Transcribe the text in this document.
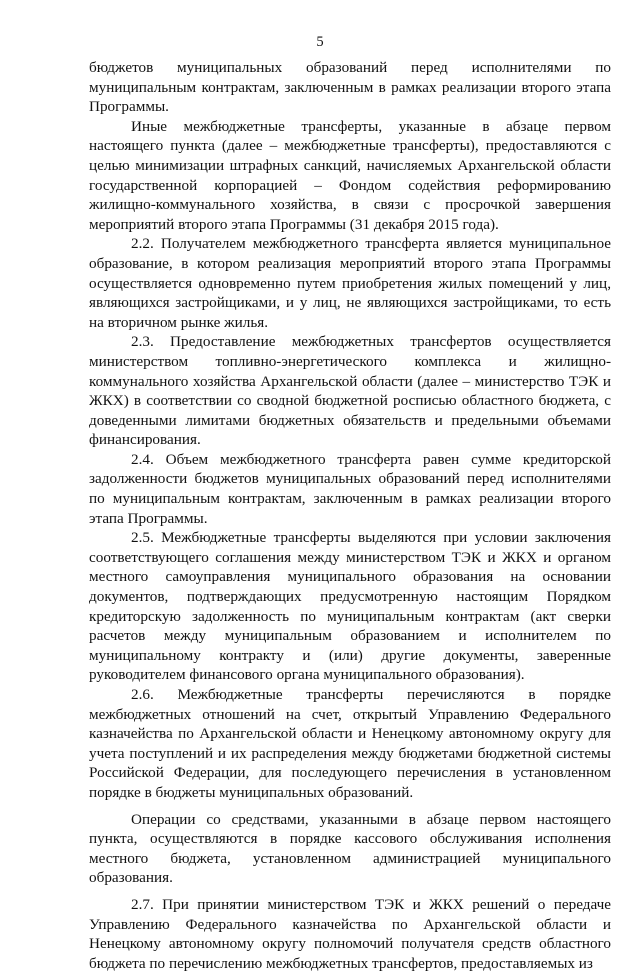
5

бюджетов муниципальных образований перед исполнителями по муниципальным контрактам, заключенным в рамках реализации второго этапа Программы.

Иные межбюджетные трансферты, указанные в абзаце первом настоящего пункта (далее – межбюджетные трансферты), предоставляются с целью минимизации штрафных санкций, начисляемых Архангельской области государственной корпорацией – Фондом содействия реформированию жилищно-коммунального хозяйства, в связи с просрочкой завершения мероприятий второго этапа Программы (31 декабря 2015 года).

2.2. Получателем межбюджетного трансферта является муниципальное образование, в котором реализация мероприятий второго этапа Программы осуществляется одновременно путем приобретения жилых помещений у лиц, являющихся застройщиками, и у лиц, не являющихся застройщиками, то есть на вторичном рынке жилья.

2.3. Предоставление межбюджетных трансфертов осуществляется министерством топливно-энергетического комплекса и жилищно-коммунального хозяйства Архангельской области (далее – министерство ТЭК и ЖКХ) в соответствии со сводной бюджетной росписью областного бюджета, с доведенными лимитами бюджетных обязательств и предельными объемами финансирования.

2.4. Объем межбюджетного трансферта равен сумме кредиторской задолженности бюджетов муниципальных образований перед исполнителями по муниципальным контрактам, заключенным в рамках реализации второго этапа Программы.

2.5. Межбюджетные трансферты выделяются при условии заключения соответствующего соглашения между министерством ТЭК и ЖКХ и органом местного самоуправления муниципального образования на основании документов, подтверждающих предусмотренную настоящим Порядком кредиторскую задолженность по муниципальным контрактам (акт сверки расчетов между муниципальным образованием и исполнителем по муниципальному контракту и (или) другие документы, заверенные руководителем финансового органа муниципального образования).

2.6. Межбюджетные трансферты перечисляются в порядке межбюджетных отношений на счет, открытый Управлению Федерального казначейства по Архангельской области и Ненецкому автономному округу для учета поступлений и их распределения между бюджетами бюджетной системы Российской Федерации, для последующего перечисления в установленном порядке в бюджеты муниципальных образований.

Операции со средствами, указанными в абзаце первом настоящего пункта, осуществляются в порядке кассового обслуживания исполнения местного бюджета, установленном администрацией муниципального образования.

2.7. При принятии министерством ТЭК и ЖКХ решений о передаче Управлению Федерального казначейства по Архангельской области и Ненецкому автономному округу полномочий получателя средств областного бюджета по перечислению межбюджетных трансфертов, предоставляемых из
